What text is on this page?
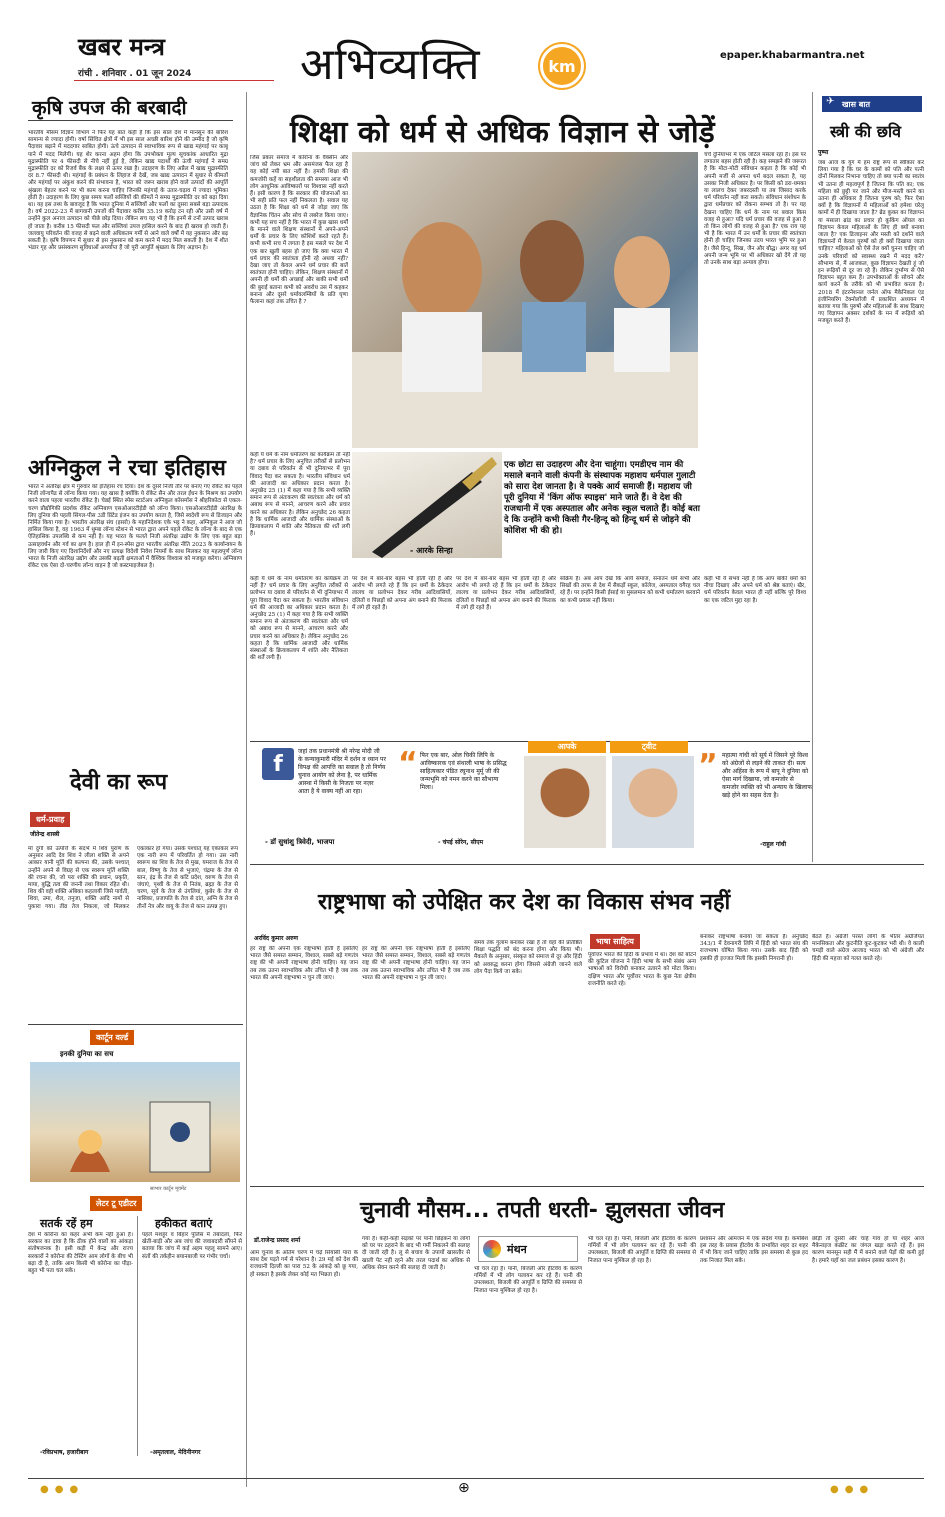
खबर मन्त्र
रांची . शनिवार . 01 जून 2024 अभिव्यक्ति	km
epaper.khabarmantra.net
कृषि उपज की बरबादी
भारतीय मौसम विज्ञान विभाग ने फिर यह बात कही है कि इस साल देश में मानसून की बारिश सामान्य से ज्यादा होगी। वर्षा सिंचित क्षेत्रों में भी इस साल अच्छी बारिश होने की उम्मीद है जो कृषि पैदावार बढ़ाने में मददगार साबित होगी। ऊंचे उत्पादन से स्वाभाविक रूप से खाद्य महंगाई पर काबू पाने में मदद मिलेगी। यह शेर करना अहम होगा कि उपभोक्ता मूल्य सूचकांक आधारित मुद्रा मुद्रास्फीति पर 4 फीसदी से नीचे नहीं हुई है, लेकिन खाद्य पदार्थों की ऊंची महंगाई ने समग्र मुद्रास्फीति दर को रिजर्व बैंक के लक्ष्य से ऊपर रखा है। उदाहरण के लिए अप्रैल में खाद्य मुद्रास्फीति दर 8.7 फीसदी थी। महंगाई के प्रबंधन के लिहाज से देखें, जब खाद्य उत्पादन में सुधार से कीमतों और महंगाई पर अंकुश करने की संभावना है, भारत को जरूर खराब होने वाले उत्पादों की आपूर्ति श्रृंखला बेहतर करने पर भी काम करना चाहिए जिनकी महंगाई के उतार-चढ़ाव में ज्यादा भूमिका होती है। उदाहरण के लिए कुछ समय फलों सब्जियों की कीमतें ने समग्र मुद्रास्फीति दर को बढ़ा दिया था। यह इस तथ्य के बावजूद है कि भारत दुनिया में सब्जियों और फलों का दूसरा सबसे बड़ा उत्पादक है। वर्ष 2022-23 में बागवानी उपजों की पैदावार करीब 35.19 करोड़ टन रही और उसी वर्ष में उन्होंने कुल अनाज उत्पादन को पीछे छोड़ दिया। लेकिन सच यह भी है कि इनमें से टनों उत्पाद खराब हो जाता है। करीब 15 फीसदी फल और सब्जियां उपज हासिल करने के बाद ही खराब हो जाती हैं। जलवायु परिवर्तन की वजह से बढ़ने वाली अधिकतम गर्मी से आने वाले वर्षों में यह नुकसान और बढ़ सकती है। कृषि विपणन में सुधार से इस नुकसान को कम करने में मदद मिल सकती है। देश में शीत भंडार गृह और प्रसंस्करण सुविधाओं अपर्याप्त हैं जो पूरी आपूर्ति श्रृंखला के लिए अड़चन है।
अग्निकुल ने रचा इतिहास
भारत ने अंतरिक्ष क्षेत्र में गुरुवार को इतिहास रच दिया। देश के दूसरे निजी तौर पर बनाए गए रॉकेट का पहले निजी लॉन्चपैड से लॉन्च किया गया। यह खास है क्योंकि ये रॉकेट सैन और तरल ईंधन के मिश्रण का उपयोग करने वाला पहला भारतीय रॉकेट है। चेन्नई स्थित स्पेस स्टार्टअप अग्निकुल कॉसमॉस ने श्रीहरिकोटा से एकल-चरण प्रौद्योगिकी प्रदर्शक रॉकेट अग्निबाण एसओआरटीईडी को लॉन्च किया। एसओआरटीईडी अंतरिक्ष के लिए दुनिया की पहली सिंगल-पीस 3डी प्रिंटेड इंजन का उपयोग करता है, जिसे स्वदेशी रूप से डिजाइन और निर्मित किया गया है। भारतीय अंतरिक्ष संघ (इसरो) के महानिदेशक एके भट्ट ने कहा, अग्निकुल ने आज जो हासिल किया है, वह 1963 में थुम्बा लॉन्च स्टेशन से भारत द्वारा अपने पहले रॉकेट के लॉन्च के बाद से एक ऐतिहासिक उपलब्धि से कम नहीं है। यह भारत के फलते निजी अंतरिक्ष उद्योग के लिए एक बहुत बड़ा उत्साहवर्धन और गर्व का क्षण है। हाल ही में इन-स्पेस द्वारा भारतीय अंतरिक्ष नीति 2023 के कार्यान्वयन के लिए जारी किए गए दिशानिर्देशों और नए प्रत्यक्ष विदेशी निवेश नियमों के साथ मिलकर यह महत्वपूर्ण लॉन्च भारत के निजी अंतरिक्ष उद्योग और उसकी बढ़ती क्षमताओं में वैश्विक विश्वास को मजबूत करेगा। अग्निबाण रॉकेट एक ऐसा दो-चरणीय लॉन्च वाहन है जो कस्टमाइजेबल है।
देवी का रूप
धर्म-प्रवाह
जीतेन्द्र शास्त्री
माँ दुर्गा को उत्पत्ति के संदर्भ में शिव पुराण के अनुसार आदि देव शिव ने लीला शक्ति से अपने आकार यानी मूर्ति की कल्पना की, उसके पश्चात् उन्होंने अपने से विग्रह से एक स्वरूप मूर्ति शक्ति की रचना की, जो परा शक्ति की प्रधान, प्रकृति, माया, बुद्धि तत्व की जननी तथा विकार रहित थी। शिव की वही शक्ति अंबिका कहलायीं जिसे पार्वती, शिवा, उमा, शैल, तनुजा, शक्ति आदि नामों से पुकारा गया। तीव्र तेज निकला, जो मिलकर एकाकार हो गया। उसके पश्चात् यह एकाकार रूप एक नारी रूप में परिवर्तित हो गया। उस नारी स्वरूप का शिव के तेज से मुख, यमराज के तेज से बाल, विष्णु के तेज से भुजाएं, चंद्रमा के तेज से स्तन, इंद्र के तेज से कटि प्रदेश, वरुण के तेज से जंघाएं, पृथ्वी के तेज से नितंब, ब्रह्मा के तेज से चरण, सूर्य के तेज से उंगलियां, कुबेर के तेज से नासिका, प्रजापति के तेज से दांत, अग्नि के तेज से तीनों नेत्र और वायु के तेज से कान उत्पन्न हुए।
कार्टून वर्ल्ड
इनकी दुनिया का सच
साभार कार्टून मूवमेंट
लेटर टू एडीटर
सतर्क रहें हम
देश में कोरोना का कहर अभी कम नहीं हुआ है। सरकार का दावा है कि ठीक होने वालों का आंकड़ा संतोषजनक है। इसी कड़ी में केन्द्र और राज्य सरकारों ने कोरोना की टेस्टिंग आम लोगों के बीच भी बढ़ा दी है, ताकि आम किसी भी कोरोना का पीड़ा-बहुत भी पता चल सके।
-रविप्रभाष, हजारीबाग
हकीकत बताएं
पहले मशहूर व बिहार पुलिस में तबादला, फिर खेती-बाड़ी और अब जांच की जवाबदारी सौंपने से बताया कि जांच में कई अहम पहलू सामने आए। संतों की तर्कहीन बयानबाजी पर गंभीर चर्चा।
-अमृतलाल, मेदिनीनगर
शिक्षा को धर्म से अधिक विज्ञान से जोड़ें
जिस प्रकार समाज में कोरोना के वैक्सीन और जांच को लेकर भ्रम और असमंजस फैल रहा है यह कोई नयी बात नहीं है। हमारी शिक्षा की कमजोरी कहें या सहशीलता की समस्या आज भी लोग आधुनिक आविष्कारों पर विश्वास नहीं करते हैं। इसी कारण है कि सरकार की योजनाओं का भी सही प्रति फल नहीं निकलता है। सवाल यह उठता है कि शिक्षा को धर्म से जोड़ा जाए कि वैज्ञानिक चिंतन और सोच से लबरेज किया जाए। कभी यह सच नहीं है कि भारत में कुछ खास धर्मों के मानने वाले शिक्षण संस्थानों में अपने-अपने धर्मों के प्रचार के लिए कोशिशें करते रहते हैं। कभी कभी सच में लगता है इस मसले पर देश में एक बार खुली बहस हो जाए कि क्या भारत में धर्म प्रचार की स्वतंत्रता होनी रहे अथवा नहीं? देखा जाए तो केवल अपने धर्म प्रचार की बातें स्वतंत्रता होनी चाहिए। लेकिन, शिक्षण संस्थानों में अपनी ही धर्मों की अच्छाई और बाकी सभी धर्मों की बुराई बताना कभी को अवरोध उस में कहकर बनाना और दूसरे धर्मावलम्बियों के प्रति घृणा फैलाना कहां तक उचित है ?
कहीं ये धर्म के नाम धर्मांतरण का कार्यक्रम तो नहीं है? धर्म प्रचार के लिए अनुचित तरीकों से प्रलोभन या दबाव से परिवर्तन से भी दुनियाभर में पूरा विवाद पैदा कर सकता है। भारतीय संविधान धर्म की आजादी का अधिकार प्रदान करता है। अनुच्छेद 25 (1) में कहा गया है कि सभी व्यक्ति समान रूप से अंतःकरण की स्वतंत्रता और धर्म को अबाध रूप से मानने, आचरण करने और प्रचार करने का अधिकार है। लेकिन अनुच्छेद 26 कहता है कि धार्मिक आजादी और धार्मिक संस्थाओं के क्रियाकलाप में शांति और नैतिकता की शर्तें लगी हैं।
चर्च दुनियाभर में एक जटिल मसला रहा है। इस पर लगातार बहस होती रही है। कह समझने की जरूरत है कि मोटा-मोटी संविधान कहता है कि कोई भी अपनी मर्जी से अपना धर्म बदल सकता है, यह उसका निजी अधिकार है। पर किसी को डरा-धमका या लालच देकर जबरदस्ती या तब जिसाद करके धर्म परिवर्तन नहीं करा सकते। संविधान संशोधन के द्वारा धर्मप्रचार को रोकना सम्भव तो है। पर यह देखना चाहिए कि धर्म के नाम पर बवाल किस वजह से हुआ? यदि धर्म प्रचार की वजह से हुआ है तो किन लोगों की वजह से हुआ है? एक राय यह भी है कि भारत में उन धर्मों के प्रचार की स्वतंत्रता होनी ही चाहिए जिनका उदय भारत भूमि पर हुआ है। जैसे हिन्दू, सिख, जैन और बौद्ध। अगर यह धर्म अपनी जन्म भूमि पर भी अधिकार खो देंगे तो यह तो उनके साथ बड़ा अन्याय होगा।
- आरके सिन्हा
एक छोटा सा उदाहरण और देना चाहूंगा। एमडीएच नाम की मसाले बनाने वाली कंपनी के संस्थापक महाशय धर्मपाल गुलाटी को सारा देश जानता है। वे पक्के आर्य समाजी हैं। महाशय जी पूरी दुनिया में 'किंग ऑफ स्पाइस' माने जाते हैं। वे देश की राजधानी में एक अस्पताल और अनेक स्कूल चलाते हैं। कोई बता दे कि उन्होंने कभी किसी गैर-हिन्दू को हिन्दू धर्म से जोड़ने की कोशिश भी की हो।
कहीं ये धर्म के नाम धर्मांतरण का कार्यक्रम तो नहीं है? धर्म प्रचार के लिए अनुचित तरीकों से प्रलोभन या दबाव से परिवर्तन से भी दुनियाभर में पूरा विवाद पैदा कर सकता है। भारतीय संविधान धर्म की आजादी का अधिकार प्रदान करता है। अनुच्छेद 25 (1) में कहा गया है कि सभी व्यक्ति समान रूप से अंतःकरण की स्वतंत्रता और धर्म को अबाध रूप से मानने, आचरण करने और प्रचार करने का अधिकार है। लेकिन अनुच्छेद 26 कहता है कि धार्मिक आजादी और धार्मिक संस्थाओं के क्रियाकलाप में शांति और नैतिकता की शर्तें लगी हैं।
पर देश में बार-बार बहस भी होती रही है और आरोप भी लगते रहे हैं कि इन धर्मों के ठेकेदार लालच या प्रलोभन देकर गरीब आदिवासियों, दलितों व पिछड़ों को अपना अंग बनाने की फिराक में लगे ही रहते हैं।
पर देश में बार-बार बहस भी होती रही है और आरोप भी लगते रहे हैं कि इन धर्मों के ठेकेदार लालच या प्रलोभन देकर गरीब आदिवासियों, दलितों व पिछड़ों को अपना अंग बनाने की फिराक में लगे ही रहते हैं।
सक्रिय है। अब आप देखें कि आर्य समाज, सनातन धर्म सभी और सिखों की तरफ से देश में सैकड़ों स्कूल, कॉलेज, अस्पताल वगैरह चल रहे हैं। पर इन्होंने किसी ईसाई या मुसलमान को कभी धर्मांतरण करवाने का कभी प्रयास नहीं किया।
कहीं भी ये संभव नहीं है कि आप बाकी धर्मों को नीचा दिखाए और अपने धर्म को श्रेष्ठ बताएं। खैर, धर्म परिवर्तन केवल भारत ही नहीं बल्कि पूरे विश्व का एक जटिल मुद्दा रहा है।
f	जहां तक प्रधानमंत्री श्री नरेन्द्र मोदी जी के कन्याकुमारी मंदिर में दर्शन व ध्यान पर विपक्ष की आपत्ति का सवाल है तो निर्णय चुनाव आयोग को लेना है, पर धार्मिक आस्था में किसी के निजता पर नज़र आता है ये वाक्य नहीं आ रहा।
- डॉ सुधांशु त्रिवेदी, भाजपा
आपके	ट्वीट
“ फिर एक बार, ओल चिकी लिपि के आविष्कारक एवं संथाली भाषा के प्रसिद्ध साहित्यकार पंडित रघुनाथ मुर्मू जी की जन्मभूमि को नमन करने का सौभाग्य मिला।
- चंपई सोरेन, सीएम
” महात्मा गांधी को सूर्य में जिसने पूरे विश्व को अंग्रेजों से लड़ने की ताकत दी। सत्य और अहिंसा के रूप में बापू ने दुनिया को ऐसा मार्ग दिखाया, जो कमजोर से कमजोर व्यक्ति को भी अन्याय के खिलाफ खड़े होने का सहस देता है।
-राहुल गांधी
खास बात
✈
स्त्री की छवि
पुष्पा
जब आज के युग में हम राष्ट्र रूप से स्वीकार कर लिया गया है कि घर के कामों को पति और पत्नी दोनों मिलकर निभाना चाहिए तो क्या पत्नी का स्वतंत्र भी उतना ही महत्वपूर्ण है जितना कि पति का; एक महिला को छुट्टी पर जाने और मौज-मस्ती करने का उतना ही अधिकार है जितना पुरुष को; फिर ऐसा क्यों है कि विज्ञापनों में महिलाओं को हमेशा घरेलू कामों में ही दिखाया जाता है? ब्रेड कुकर का विज्ञापन या मसाला ब्रांड का प्रचार हो कुकिंग ऑयल का विज्ञापन केवल महिलाओं के लिए ही क्यों बनाया जाता है? एक डिजाइनर और मस्ती को दर्शाने वाले विज्ञापनों में केवल पुरुषों को ही क्यों दिखाया जाता चाहिए? महिलाओं को ऐसे तेल क्यों चुनना चाहिए जो उनके परिवारों को स्वास्थ्य रखने में मदद करें? सौभाग्य से, मैं आजकल, कुछ विज्ञापन देखती हूं जो इन रूढ़ियों से दूर जा रहे हैं। लेकिन दुर्भाग्य से ऐसे विज्ञापन बहुत कम हैं। उपभोक्ताओं के सोचने और कार्य करने के तरीके को भी प्रभावित करता है। 2018 में इंटरनेशनल जर्नल ऑफ मैकेनिकल एंड इंजीनियरिंग टेक्नोलॉजी में प्रकाशित अध्ययन में बताया गया कि पुरुषों और महिलाओं के साथ दिखाए गए विज्ञापन अक्सर दर्शकों के मन में रूढ़ियों को मजबूत करते हैं।
राष्ट्रभाषा को उपेक्षित कर देश का विकास संभव नहीं
अरविंद कुमार अरुण
हर राष्ट्र की अपनी एक राष्ट्रभाषा होती है इसलिए भारत जैसे समस्त सम्मान, विशाल, सबसे बड़े गणतंत्र राष्ट्र की भी अपनी राष्ट्रभाषा होनी चाहिए। यह जान तब तक उतना स्वाभाविक और उचित भी है जब तक भारत की अपनी राष्ट्रभाषा न चुन ली जाए।
हर राष्ट्र की अपनी एक राष्ट्रभाषा होती है इसलिए भारत जैसे समस्त सम्मान, विशाल, सबसे बड़े गणतंत्र राष्ट्र की भी अपनी राष्ट्रभाषा होनी चाहिए। यह जान तब तक उतना स्वाभाविक और उचित भी है जब तक भारत की अपनी राष्ट्रभाषा न चुन ली जाए।
समय तक गुलाम बनाकर रखा है तो वहाँ की प्रतिष्ठित शिक्षा पद्धति को बंद करना होगा और किया भी। मैकाले के अनुसार, संस्कृत को समाज से दूर और हिंदी को अवरुद्ध करना होगा जिससे अंग्रेजी जानने वाले लोग पैदा किये जा सके।
भाषा साहित्य
पूर्वोत्तर भारत की हिंदी के प्रभाव में था। देश को बाँटने की कुटिल योजना ने हिंदी भाषा के सभी संबंध अन्य भाषाओं को विरोधी बनाकर उतारने को मोटा किया। दक्षिण भारत और पूर्वोत्तर भारत के कुछ नेता क्षेत्रीय राजनीति करते रहे।
बनाकर राष्ट्रभाषा बनाया जा सकता है। अनुच्छेद 343/1 में देवनागरी लिपि में हिंदी को भारत संघ की राजभाषा घोषित किया गया। उसके बाद हिंदी को इसकी ही इज्जत मिली कि इसकी निगरानी हो।
बैठते हैं। अंग्रेजी परस्त लोगों के भीतर अंग्रेजियत मानसिकता और कुटनीति कूट-कूटकर भरी थी। वे काली चमड़ी वाले अंग्रेज आजाद भारत को भी अंग्रेजी और हिंदी की महत्ता को गलत करते रहे।
चुनावी मौसम... तपती धरती- झुलसता जीवन
डॉ.राजेन्द्र प्रसाद शर्मा
आम चुनाव के अंतिम चरण में चढ़े सियासी पारा के साथ देश पड़ते गर्म से परेशान है। 29 मई को देश की राजधानी दिल्ली का पारा 52 के आंकड़े को छू गया, हो सकता है इसके लेकर कोई मत भिन्नता हो।
गया है। कहीं-कहीं सड़कों पर पानी छिड़कने या लोगों को घर पर ठहराने के बाद भी गर्मी निकलने की सलाह दी जाती रही है। लू से बचाव के उपायों खासतौर से खाली पेट नहीं रहने और तरल पदार्थ का अधिक से अधिक सेवन करने की सलाह दी जाती है।
मंथन
भी चल रहा है। पानी, बिजली और हीटवेव के कारण गर्मियों में भी लोग पलायन कर रहे हैं। पानी की उपलब्धता, बिजली की आपूर्ति व ग्रिप्ति की समस्या से निजात पाना मुश्किल हो रहा है।
भी चल रहा है। पानी, बिजली और हीटवेव के कारण गर्मियों में भी लोग पलायन कर रहे हैं। पानी की उपलब्धता, बिजली की आपूर्ति व ग्रिप्ति की समस्या से निजात पाना मुश्किल हो रहा है।
प्रशासन और आमजन में एक संदेश गया है। कमोबेश इस तरह के प्रयास हीटवेव के प्रभावित शहर दर शहर में भी किए जाने चाहिए ताकि इस समस्या से कुछ हद तक निजात मिल सके।
छोड़ी तो दूसरी और चाहे गांव हो या शहर आज मैकेनाइज कंक्रीट का जंगल खड़ा करते रहे हैं। इस कारण मानसून सही मैं में बनाने वाले पेड़ों की कमी हुई है। हमारे यहाँ का जल प्रबंधन इसका कारण है।
●●●	●●●
⊕
